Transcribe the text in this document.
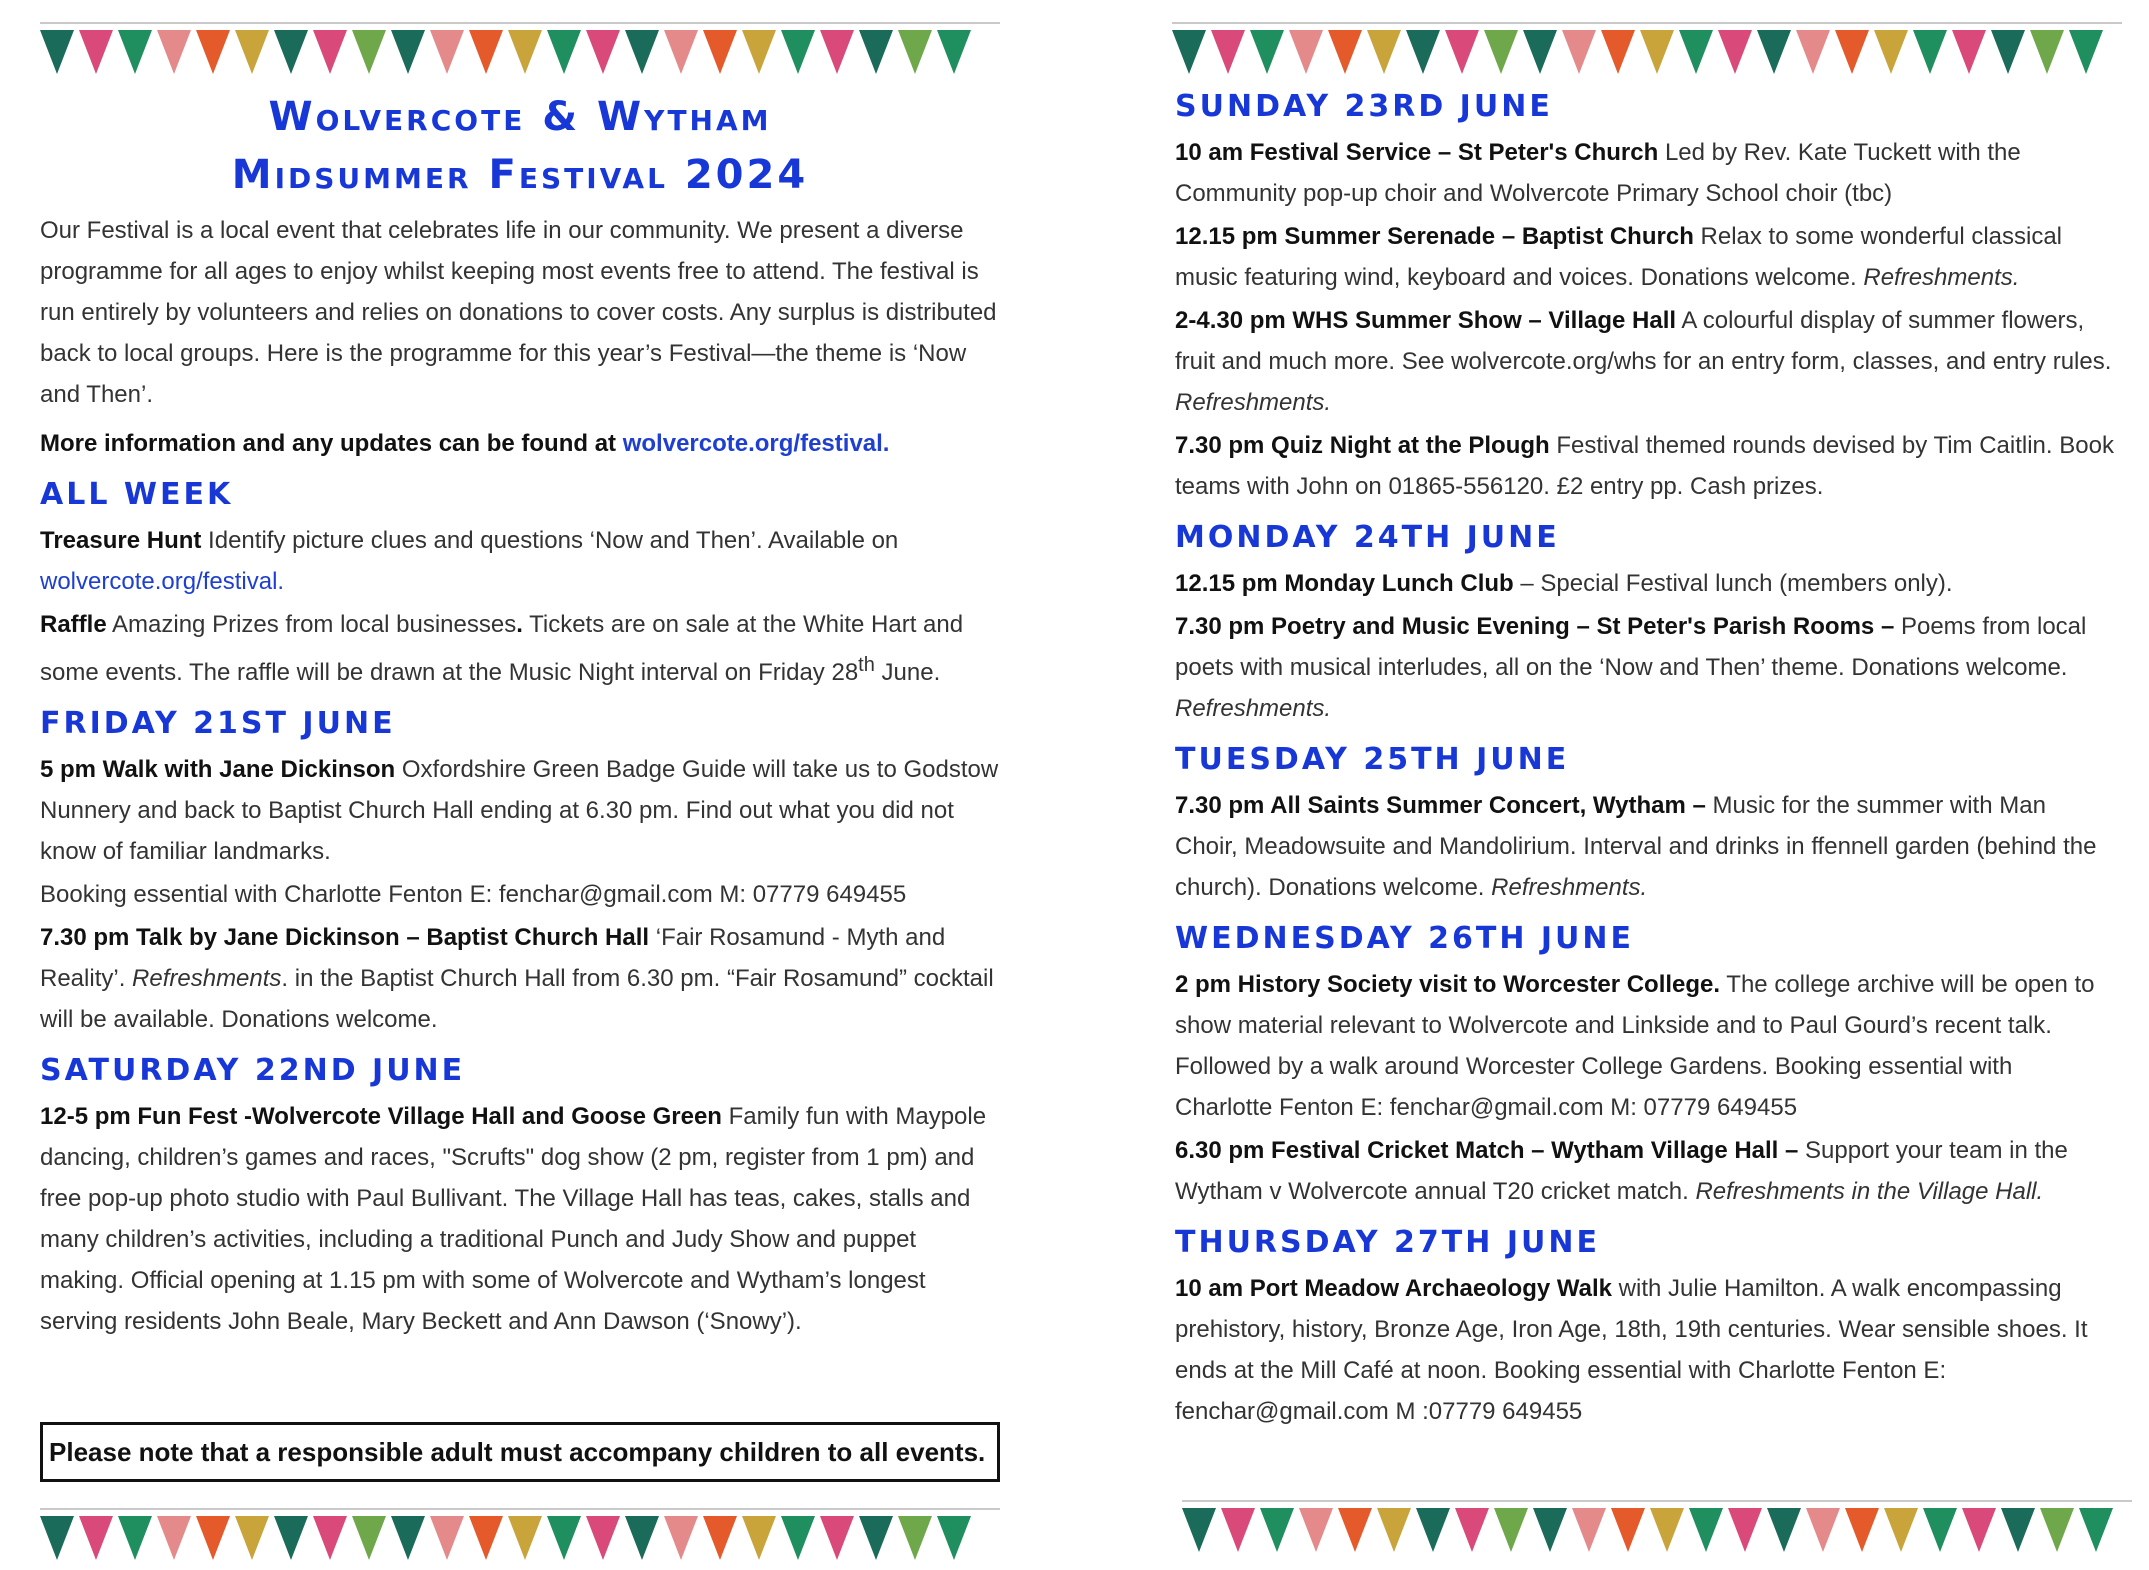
Wolvercote & Wytham
Midsummer Festival 2024

Our Festival is a local event that celebrates life in our community. We present a diverse programme for all ages to enjoy whilst keeping most events free to attend. The festival is run entirely by volunteers and relies on donations to cover costs. Any surplus is distributed back to local groups. Here is the programme for this year’s Festival—the theme is ‘Now and Then’.

More information and any updates can be found at wolvercote.org/festival.

ALL WEEK

Treasure Hunt Identify picture clues and questions ‘Now and Then’. Available on wolvercote.org/festival.

Raffle Amazing Prizes from local businesses. Tickets are on sale at the White Hart and some events. The raffle will be drawn at the Music Night interval on Friday 28th June.

FRIDAY 21ST JUNE

5 pm Walk with Jane Dickinson Oxfordshire Green Badge Guide will take us to Godstow Nunnery and back to Baptist Church Hall ending at 6.30 pm. Find out what you did not know of familiar landmarks.

Booking essential with Charlotte Fenton E: fenchar@gmail.com M: 07779 649455

7.30 pm Talk by Jane Dickinson – Baptist Church Hall ‘Fair Rosamund - Myth and Reality’. Refreshments. in the Baptist Church Hall from 6.30 pm. “Fair Rosamund” cocktail will be available. Donations welcome.

SATURDAY 22ND JUNE

12-5 pm Fun Fest -Wolvercote Village Hall and Goose Green Family fun with Maypole dancing, children’s games and races, "Scrufts" dog show (2 pm, register from 1 pm) and free pop-up photo studio with Paul Bullivant. The Village Hall has teas, cakes, stalls and many children’s activities, including a traditional Punch and Judy Show and puppet making. Official opening at 1.15 pm with some of Wolvercote and Wytham’s longest serving residents John Beale, Mary Beckett and Ann Dawson (‘Snowy’).

Please note that a responsible adult must accompany children to all events.
SUNDAY 23RD JUNE

10 am Festival Service – St Peter's Church Led by Rev. Kate Tuckett with the Community pop-up choir and Wolvercote Primary School choir (tbc)

12.15 pm Summer Serenade – Baptist Church Relax to some wonderful classical music featuring wind, keyboard and voices. Donations welcome. Refreshments.

2-4.30 pm WHS Summer Show – Village Hall A colourful display of summer flowers, fruit and much more. See wolvercote.org/whs for an entry form, classes, and entry rules. Refreshments.

7.30 pm Quiz Night at the Plough Festival themed rounds devised by Tim Caitlin. Book teams with John on 01865-556120. £2 entry pp. Cash prizes.

MONDAY 24TH JUNE

12.15 pm Monday Lunch Club – Special Festival lunch (members only).

7.30 pm Poetry and Music Evening – St Peter's Parish Rooms – Poems from local poets with musical interludes, all on the ‘Now and Then’ theme. Donations welcome. Refreshments.

TUESDAY 25TH JUNE

7.30 pm All Saints Summer Concert, Wytham – Music for the summer with Man Choir, Meadowsuite and Mandolirium. Interval and drinks in ffennell garden (behind the church). Donations welcome. Refreshments.

WEDNESDAY 26TH JUNE

2 pm History Society visit to Worcester College. The college archive will be open to show material relevant to Wolvercote and Linkside and to Paul Gourd’s recent talk. Followed by a walk around Worcester College Gardens. Booking essential with Charlotte Fenton E: fenchar@gmail.com M: 07779 649455

6.30 pm Festival Cricket Match – Wytham Village Hall – Support your team in the Wytham v Wolvercote annual T20 cricket match. Refreshments in the Village Hall.

THURSDAY 27TH JUNE

10 am Port Meadow Archaeology Walk with Julie Hamilton. A walk encompassing prehistory, history, Bronze Age, Iron Age, 18th, 19th centuries. Wear sensible shoes. It ends at the Mill Café at noon. Booking essential with Charlotte Fenton E: fenchar@gmail.com M :07779 649455
